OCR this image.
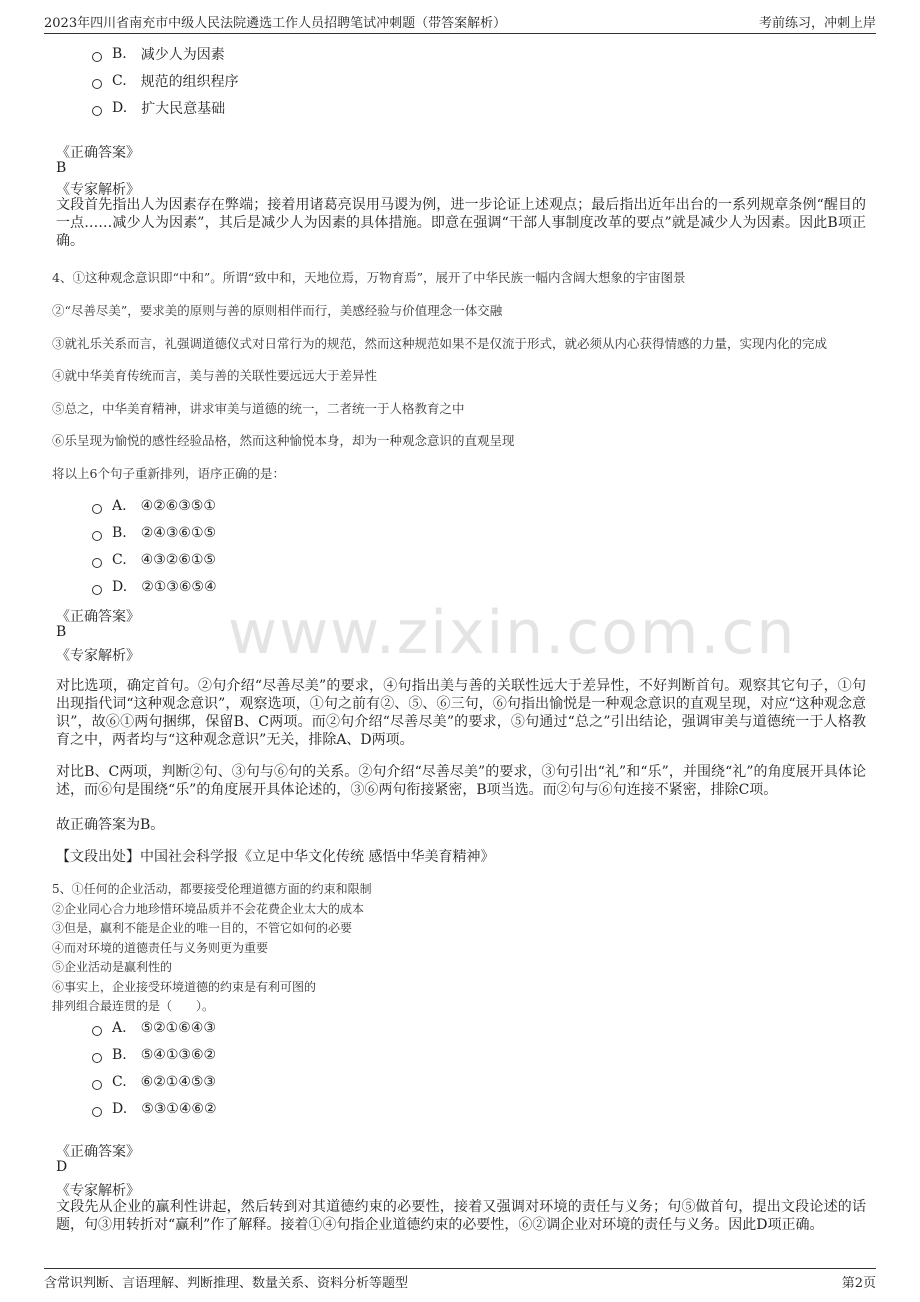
2023年四川省南充市中级人民法院遴选工作人员招聘笔试冲刺题（带答案解析）	考前练习，冲刺上岸
www.zixin.com.cn
B. 减少人为因素
C. 规范的组织程序
D. 扩大民意基础
《正确答案》
B
《专家解析》
文段首先指出人为因素存在弊端；接着用诸葛亮误用马谡为例，进一步论证上述观点；最后指出近年出台的一系列规章条例“醒目的一点……减少人为因素”，其后是减少人为因素的具体措施。即意在强调“干部人事制度改革的要点”就是减少人为因素。因此B项正确。
4、①这种观念意识即“中和”。所谓“致中和，天地位焉，万物育焉”，展开了中华民族一幅内含阔大想象的宇宙图景
②“尽善尽美”，要求美的原则与善的原则相伴而行，美感经验与价值理念一体交融
③就礼乐关系而言，礼强调道德仪式对日常行为的规范，然而这种规范如果不是仅流于形式，就必须从内心获得情感的力量，实现内化的完成
④就中华美育传统而言，美与善的关联性要远远大于差异性
⑤总之，中华美育精神，讲求审美与道德的统一，二者统一于人格教育之中
⑥乐呈现为愉悦的感性经验品格，然而这种愉悦本身，却为一种观念意识的直观呈现
将以上6个句子重新排列，语序正确的是：
A. ④②⑥③⑤①
B. ②④③⑥①⑤
C. ④③②⑥①⑤
D. ②①③⑥⑤④
《正确答案》
B
《专家解析》
对比选项，确定首句。②句介绍“尽善尽美”的要求，④句指出美与善的关联性远大于差异性，不好判断首句。观察其它句子，①句出现指代词“这种观念意识”，观察选项，①句之前有②、⑤、⑥三句，⑥句指出愉悦是一种观念意识的直观呈现，对应“这种观念意识”，故⑥①两句捆绑，保留B、C两项。而②句介绍“尽善尽美”的要求，⑤句通过“总之”引出结论，强调审美与道德统一于人格教育之中，两者均与“这种观念意识”无关，排除A、D两项。
对比B、C两项，判断②句、③句与⑥句的关系。②句介绍“尽善尽美”的要求，③句引出“礼”和“乐”，并围绕“礼”的角度展开具体论述，而⑥句是围绕“乐”的角度展开具体论述的，③⑥两句衔接紧密，B项当选。而②句与⑥句连接不紧密，排除C项。
故正确答案为B。
【文段出处】中国社会科学报《立足中华文化传统 感悟中华美育精神》
5、①任何的企业活动，都要接受伦理道德方面的约束和限制
②企业同心合力地珍惜环境品质并不会花费企业太大的成本
③但是，赢利不能是企业的唯一目的，不管它如何的必要
④而对环境的道德责任与义务则更为重要
⑤企业活动是赢利性的
⑥事实上，企业接受环境道德的约束是有利可图的
排列组合最连贯的是（　　）。
A. ⑤②①⑥④③
B. ⑤④①③⑥②
C. ⑥②①④⑤③
D. ⑤③①④⑥②
《正确答案》
D
《专家解析》
文段先从企业的赢利性讲起，然后转到对其道德约束的必要性，接着又强调对环境的责任与义务；句⑤做首句，提出文段论述的话题，句③用转折对“赢利”作了解释。接着①④句指企业道德约束的必要性，⑥②调企业对环境的责任与义务。因此D项正确。
含常识判断、言语理解、判断推理、数量关系、资料分析等题型	第2页
